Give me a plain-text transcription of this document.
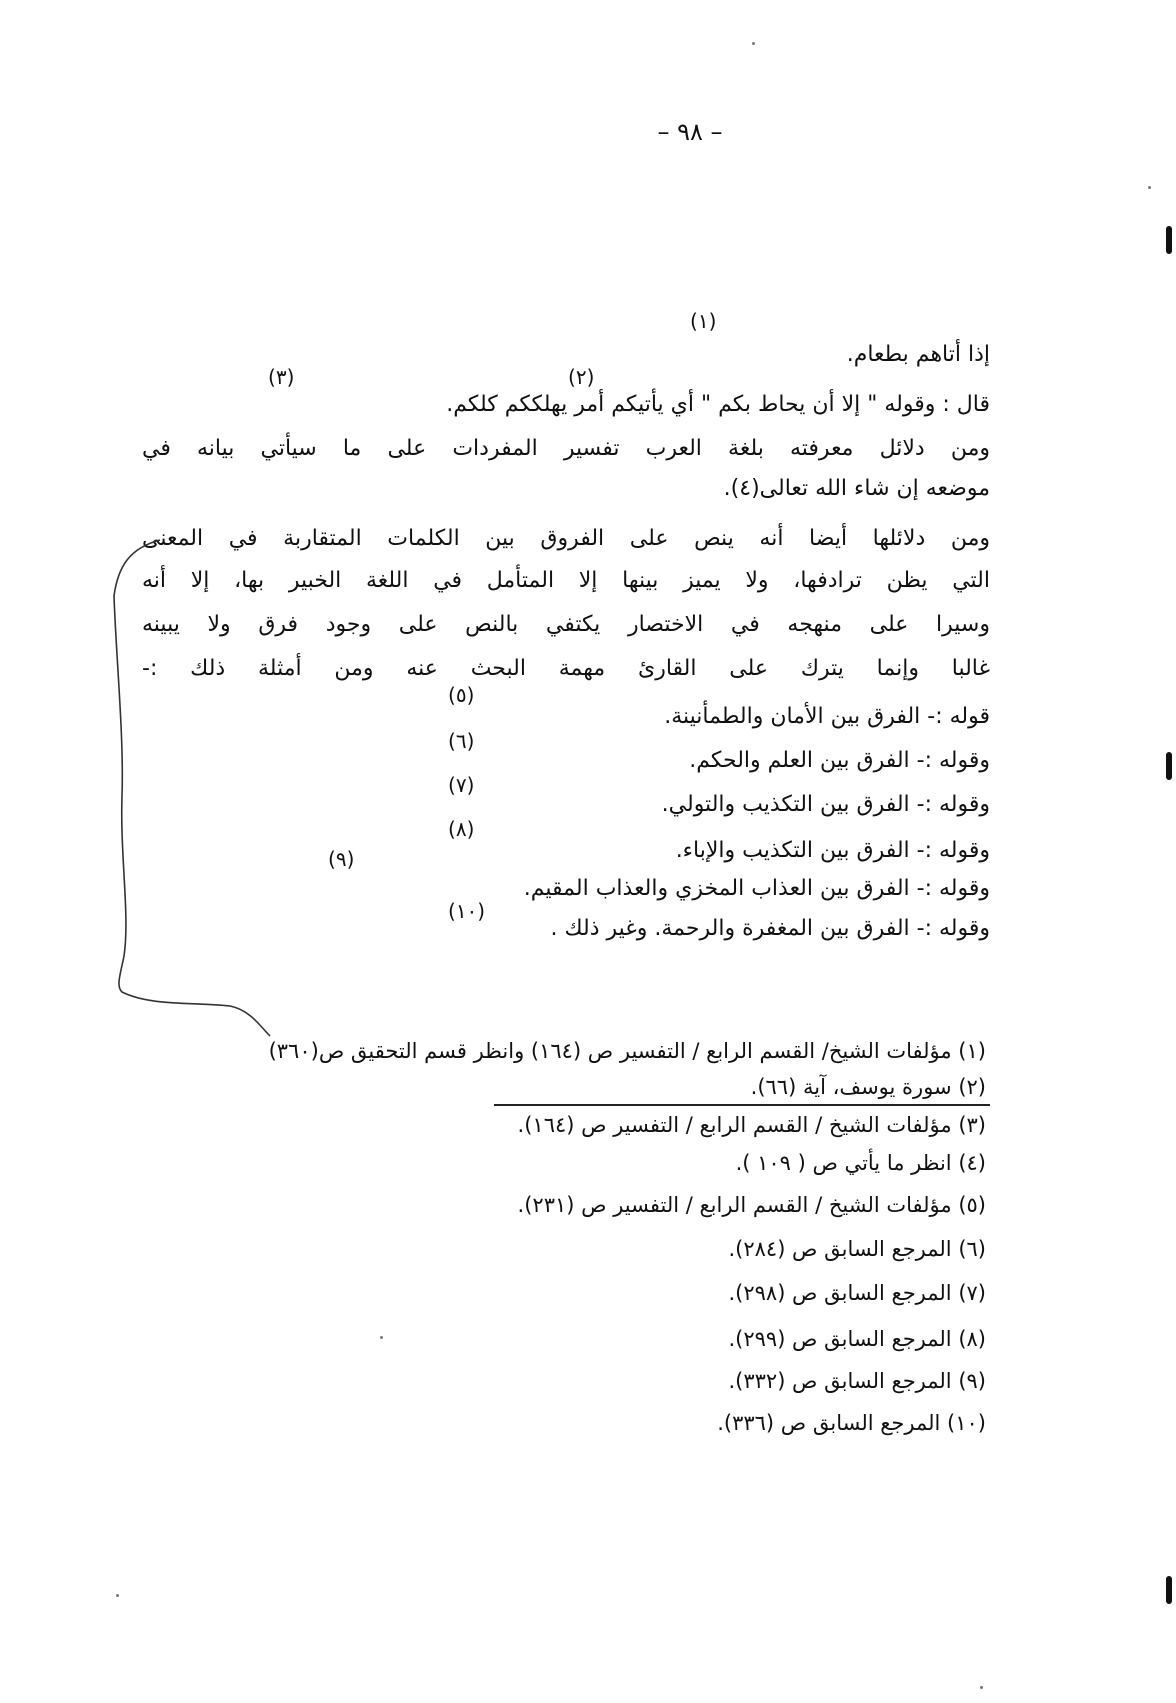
– ٩٨ –
(١)
إذا أتاهم بطعام.
(٣)	(٢)
قال : وقوله " إلا أن يحاط بكم " أي يأتيكم أمر يهلككم كلكم.
ومن دلائل معرفته بلغة العرب تفسير المفردات على ما سيأتي بيانه في
موضعه إن شاء الله تعالى(٤).
ومن دلائلها أيضا أنه ينص على الفروق بين الكلمات المتقاربة في المعنى
التي يظن ترادفها، ولا يميز بينها إلا المتأمل في اللغة الخبير بها، إلا أنه
وسيرا على منهجه في الاختصار يكتفي بالنص على وجود فرق ولا يبينه
غالبا وإنما يترك على القارئ مهمة البحث عنه ومن أمثلة ذلك :-
(٥)
قوله :- الفرق بين الأمان والطمأنينة.
(٦)
وقوله :- الفرق بين العلم والحكم.
(٧)
وقوله :- الفرق بين التكذيب والتولي.
(٨)
وقوله :- الفرق بين التكذيب والإباء.
(٩)
وقوله :- الفرق بين العذاب المخزي والعذاب المقيم.
(١٠)
وقوله :- الفرق بين المغفرة والرحمة. وغير ذلك .
(١) مؤلفات الشيخ/ القسم الرابع / التفسير ص (١٦٤) وانظر قسم التحقيق ص(٣٦٠)
(٢) سورة يوسف، آية (٦٦).
(٣) مؤلفات الشيخ / القسم الرابع / التفسير ص (١٦٤).
(٤) انظر ما يأتي ص ( ١٠٩ ).
(٥) مؤلفات الشيخ / القسم الرابع / التفسير ص (٢٣١).
(٦) المرجع السابق ص (٢٨٤).
(٧) المرجع السابق ص (٢٩٨).
(٨) المرجع السابق ص (٢٩٩).
(٩) المرجع السابق ص (٣٣٢).
(١٠) المرجع السابق ص (٣٣٦).
